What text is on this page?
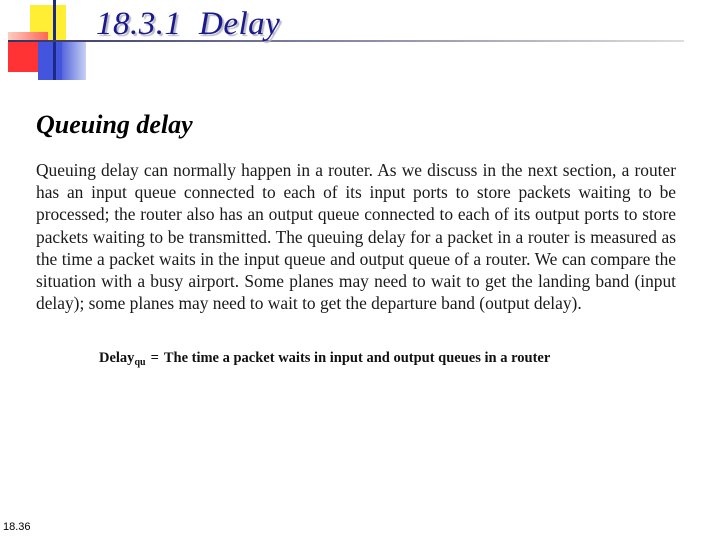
18.3.1  Delay
Queuing delay

Queuing delay can normally happen in a router. As we discuss in the next section, a router has an input queue connected to each of its input ports to store packets waiting to be processed; the router also has an output queue connected to each of its output ports to store packets waiting to be transmitted. The queuing delay for a packet in a router is measured as the time a packet waits in the input queue and output queue of a router. We can compare the situation with a busy airport. Some planes may need to wait to get the landing band (input delay); some planes may need to wait to get the departure band (output delay).

Delay$_{qu}$ = The time a packet waits in input and output queues in a router
18.36
